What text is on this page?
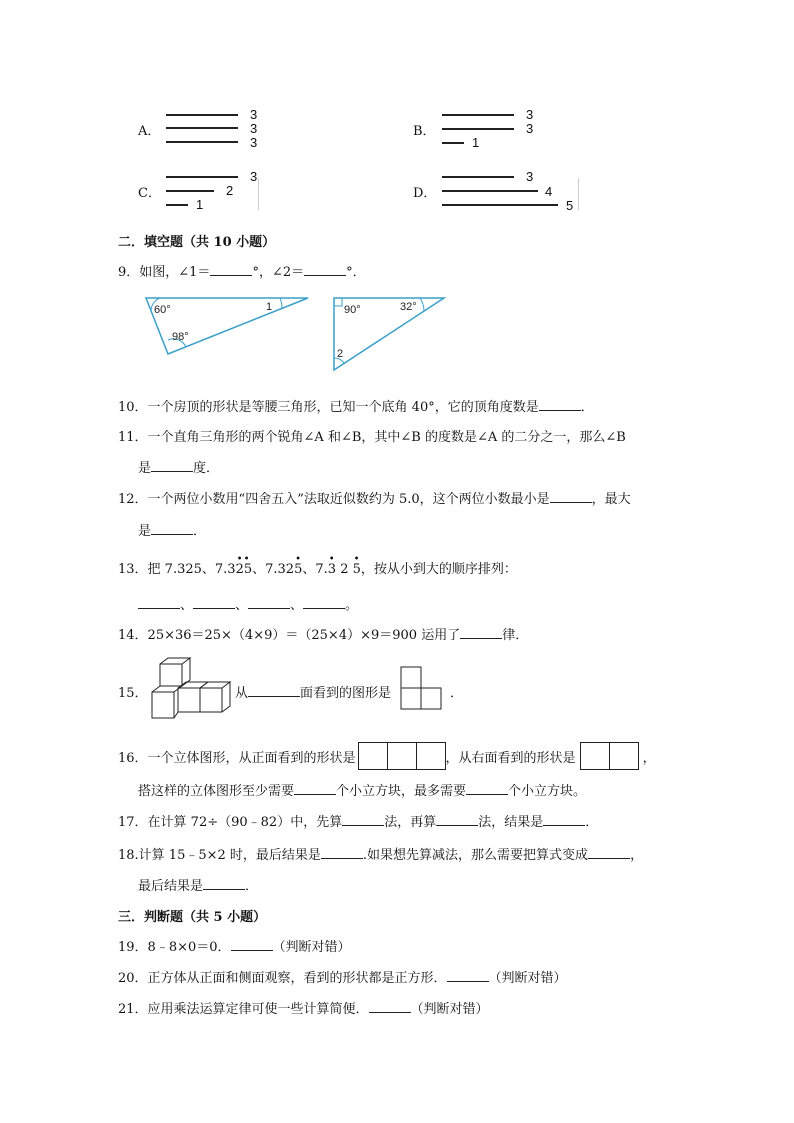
A．
3
3
3
B．
3
3
1
C．
3
2
1
D．
3
4
5
二．填空题（共 10 小题）
9．如图，∠1＝	°，∠2＝	°．
60°	1
98°
90°	32°
2
10．一个房顶的形状是等腰三角形，已知一个底角 40°，它的顶角度数是	．
11．一个直角三角形的两个锐角∠A 和∠B，其中∠B 的度数是∠A 的二分之一，那么∠B
是	度．
12．一个两位小数用“四舍五入”法取近似数约为 5.0，这个两位小数最小是	，最大
是	．
13．把 7.325、7.325
• •
、7.325
•
、7.3
•
2 5
•
，按从小到大的顺序排列：
、	、	、	。
14．25×36＝25×（4×9）＝（25×4）×9＝900 运用了	律．
15．	从	面看到的图形是	．
16．一个立体图形，从正面看到的形状是	，从右面看到的形状是	，
搭这样的立体图形至少需要	个小立方块，最多需要	个小立方块。
17．在计算 72÷（90﹣82）中，先算	法，再算	法，结果是	．
18.计算 15﹣5×2 时，最后结果是	.如果想先算减法，那么需要把算式变成	，
最后结果是	．
三．判断题（共 5 小题）
19．8﹣8×0＝0．	（判断对错）
20．正方体从正面和侧面观察，看到的形状都是正方形．	（判断对错）
21．应用乘法运算定律可使一些计算简便．	（判断对错）
